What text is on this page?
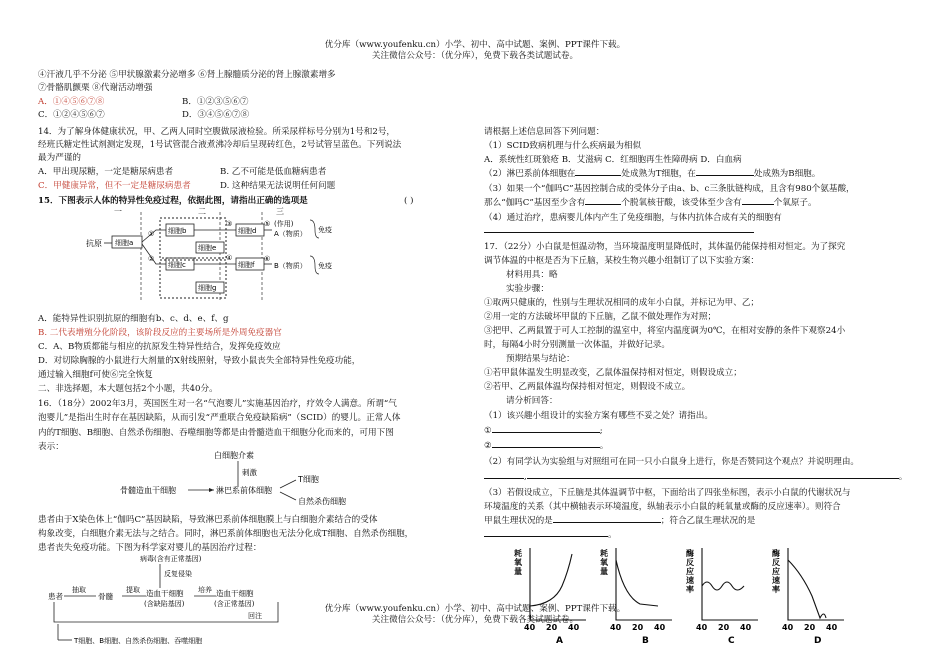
优分库（www.youfenku.cn）小学、初中、高中试题、案例、PPT课件下载。
关注微信公众号：（优分库），免费下载各类试题试卷。
④汗液几乎不分泌 ⑤甲状腺激素分泌增多 ⑥肾上腺髓质分泌的肾上腺激素增多
⑦骨骼肌颤栗 ⑧代谢活动增强
A．①④⑤⑥⑦⑧	B．①②③⑤⑥⑦
C．①②④⑤⑥⑦	D．③④⑤⑥⑦⑧
14．为了解身体健康状况，甲、乙两人同时空腹做尿液检验。所采尿样标号分别为1号和2号，
经班氏糖定性试剂测定发现，1号试管混合液煮沸冷却后呈现砖红色，2号试管呈蓝色。下列说法
最为严谨的
A．甲出现尿糖，一定是糖尿病患者	B. 乙不可能是低血糖病患者
C．甲健康异常，但不一定是糖尿病患者	D. 这种结果无法说明任何问题
15．下图表示人体的特异性免疫过程，依据此图，请指出正确的选项是	( )
一	二	三
抗原 细胞a
①
②
细胞b
细胞c
细胞e
细胞g
细胞d
细胞f
③
④
⑤
⑥
(作用)
A（物质）
B（物质）
免疫
免疫
A．能特异性识别抗原的细胞有b、c、d、e、f、g
B. 二代表增殖分化阶段，该阶段反应的主要场所是外周免疫器官
C．A、B物质都能与相应的抗原发生特异性结合，发挥免疫效应
D．对切除胸腺的小鼠进行大剂量的X射线照射，导致小鼠丧失全部特异性免疫功能，
通过输入细胞f可使⑥完全恢复
二、非选择题，本大题包括2个小题，共40分。
16．（18分）2002年3月，英国医生对一名“气泡婴儿”实施基因治疗，疗效令人满意。所谓“气
泡婴儿”是指出生时存在基因缺陷，从而引发“严重联合免疫缺陷病”（SCID）的婴儿。正常人体
内的T细胞、B细胞、自然杀伤细胞、吞噬细胞等都是由骨髓造血干细胞分化而来的，可用下图
表示：
白细胞介素
刺激
骨髓造血干细胞	淋巴系前体细胞
T细胞
自然杀伤细胞
患者由于X染色体上“伽吗C”基因缺陷，导致淋巴系前体细胞膜上与白细胞介素结合的受体
构象改变，白细胞介素无法与之结合。同时，淋巴系前体细胞也无法分化成T细胞、自然杀伤细胞，
患者丧失免疫功能。下图为科学家对婴儿的基因治疗过程：
病毒(含有正常基因)
反复侵染
患者
抽取
骨髓
提取 造血干细胞
(含缺陷基因)
培养 造血干细胞
(含正常基因)
回注
T细胞、B细胞、自然杀伤细胞、吞噬细胞
请根据上述信息回答下列问题：
（1）SCID致病机理与什么疾病最为相似
A．系统性红斑狼疮 B．艾滋病 C．红细胞再生性障碍病 D．白血病
（2）淋巴系前体细胞在	处成熟为T细胞，在	处成熟为B细胞。
（3）如果一个“伽吗C”基因控制合成的受体分子由a、b、c三条肽链构成，且含有980个氨基酸，
那么“伽吗C”基因至少含有	个脱氧核苷酸，该受体至少含有	个氧原子。
（4）通过治疗，患病婴儿体内产生了免疫细胞，与体内抗体合成有关的细胞有
17．（22分）小白鼠是恒温动物，当环境温度明显降低时，其体温仍能保持相对恒定。为了探究
调节体温的中枢是否为下丘脑，某校生物兴趣小组制订了以下实验方案：
材料用具：略
实验步骤：
①取两只健康的，性别与生理状况相同的成年小白鼠，并标记为甲、乙；
②用一定的方法破坏甲鼠的下丘脑，乙鼠不做处理作为对照；
③把甲、乙两鼠置于可人工控制的温室中，将室内温度调为0℃，在相对安静的条件下观察24小
时，每隔4小时分别测量一次体温，并做好记录。
预期结果与结论：
①若甲鼠体温发生明显改变，乙鼠体温保持相对恒定，则假设成立；
②若甲、乙两鼠体温均保持相对恒定，则假设不成立。
请分析回答：
（1）该兴趣小组设计的实验方案有哪些不妥之处？请指出。
①	;
②	。
（2）有同学认为实验组与对照组可在同一只小白鼠身上进行，你是否赞同这个观点？并说明理由。
,	。
（3）若假设成立，下丘脑是其体温调节中枢，下面给出了四张坐标图，表示小白鼠的代谢状况与
环境温度的关系（其中横轴表示环境温度，纵轴表示小白鼠的耗氧量或酶的反应速率）。则符合
甲鼠生理状况的是	；符合乙鼠生理状况的是
。
耗氧量
20
40	40
A
耗氧量
20
40	40
B
酶反应速率
20
40	40
C
酶反应速率
20
40	40
D
优分库（www.youfenku.cn）小学、初中、高中试题、案例、PPT课件下载。
关注微信公众号：（优分库），免费下载各类试题试卷。
